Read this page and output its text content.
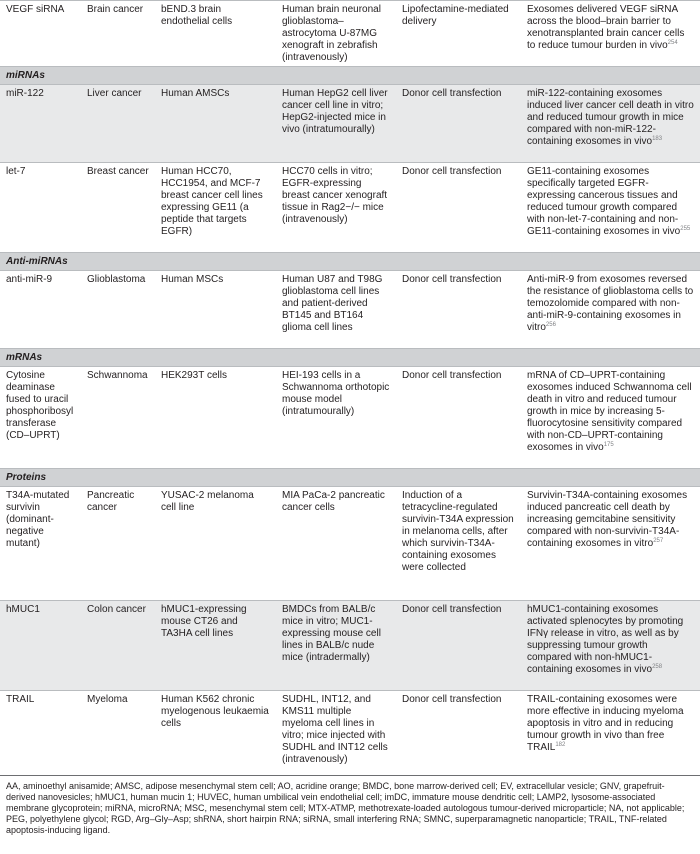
VEGF siRNA	Brain cancer	bEND.3 brain endothelial cells	Human brain neuronal glioblastoma–astrocytoma U-87MG xenograft in zebrafish (intravenously)	Lipofectamine-mediated delivery	Exosomes delivered VEGF siRNA across the blood–brain barrier to xenotransplanted brain cancer cells to reduce tumour burden in vivo$^{254}$
miRNAs					
miR-122	Liver cancer	Human AMSCs	Human HepG2 cell liver cancer cell line in vitro; HepG2-injected mice in vivo (intratumourally)	Donor cell transfection	miR-122-containing exosomes induced liver cancer cell death in vitro and reduced tumour growth in mice compared with non-miR-122- containing exosomes in vivo$^{183}$
let-7	Breast cancer	Human HCC70, HCC1954, and MCF-7 breast cancer cell lines expressing GE11 (a peptide that targets EGFR)	HCC70 cells in vitro; EGFR-expressing breast cancer xenograft tissue in Rag2−/− mice (intravenously)	Donor cell transfection	GE11-containing exosomes specifically targeted EGFR-expressing cancerous tissues and reduced tumour growth compared with non-let-7-containing and non-GE11-containing exosomes in vivo$^{255}$
Anti-miRNAs					
anti-miR-9	Glioblastoma	Human MSCs	Human U87 and T98G glioblastoma cell lines and patient-derived BT145 and BT164 glioma cell lines	Donor cell transfection	Anti-miR-9 from exosomes reversed the resistance of glioblastoma cells to temozolomide compared with non-anti-miR-9-containing exosomes in vitro$^{256}$
mRNAs					
Cytosine deaminase fused to uracil phosphoribosyl transferase (CD–UPRT)	Schwannoma	HEK293T cells	HEI-193 cells in a Schwannoma orthotopic mouse model (intratumourally)	Donor cell transfection	mRNA of CD–UPRT-containing exosomes induced Schwannoma cell death in vitro and reduced tumour growth in mice by increasing 5-fluorocytosine sensitivity compared with non-CD–UPRT-containing exosomes in vivo$^{175}$
Proteins					
T34A-mutated survivin (dominant-negative mutant)	Pancreatic cancer	YUSAC-2 melanoma cell line	MIA PaCa-2 pancreatic cancer cells	Induction of a tetracycline-regulated survivin-T34A expression in melanoma cells, after which survivin-T34A-containing exosomes were collected	Survivin-T34A-containing exosomes induced pancreatic cell death by increasing gemcitabine sensitivity compared with non-survivin-T34A-containing exosomes in vitro$^{257}$
hMUC1	Colon cancer	hMUC1-expressing mouse CT26 and TA3HA cell lines	BMDCs from BALB/c mice in vitro; MUC1-expressing mouse cell lines in BALB/c nude mice (intradermally)	Donor cell transfection	hMUC1-containing exosomes activated splenocytes by promoting IFNγ release in vitro, as well as by suppressing tumour growth compared with non-hMUC1-containing exosomes in vivo$^{258}$
TRAIL	Myeloma	Human K562 chronic myelogenous leukaemia cells	SUDHL, INT12, and KMS11 multiple myeloma cell lines in vitro; mice injected with SUDHL and INT12 cells (intravenously)	Donor cell transfection	TRAIL-containing exosomes were more effective in inducing myeloma apoptosis in vitro and in reducing tumour growth in vivo than free TRAIL$^{182}$
AA, aminoethyl anisamide; AMSC, adipose mesenchymal stem cell; AO, acridine orange; BMDC, bone marrow-derived cell; EV, extracellular vesicle; GNV, grapefruit-derived nanovesicles; hMUC1, human mucin 1; HUVEC, human umbilical vein endothelial cell; imDC, immature mouse dendritic cell; LAMP2, lysosome-associated membrane glycoprotein; miRNA, microRNA; MSC, mesenchymal stem cell; MTX-ATMP, methotrexate-loaded autologous tumour-derived microparticle; NA, not applicable; PEG, polyethylene glycol; RGD, Arg–Gly–Asp; shRNA, short hairpin RNA; siRNA, small interfering RNA; SMNC, superparamagnetic nanoparticle; TRAIL, TNF-related apoptosis-inducing ligand.
